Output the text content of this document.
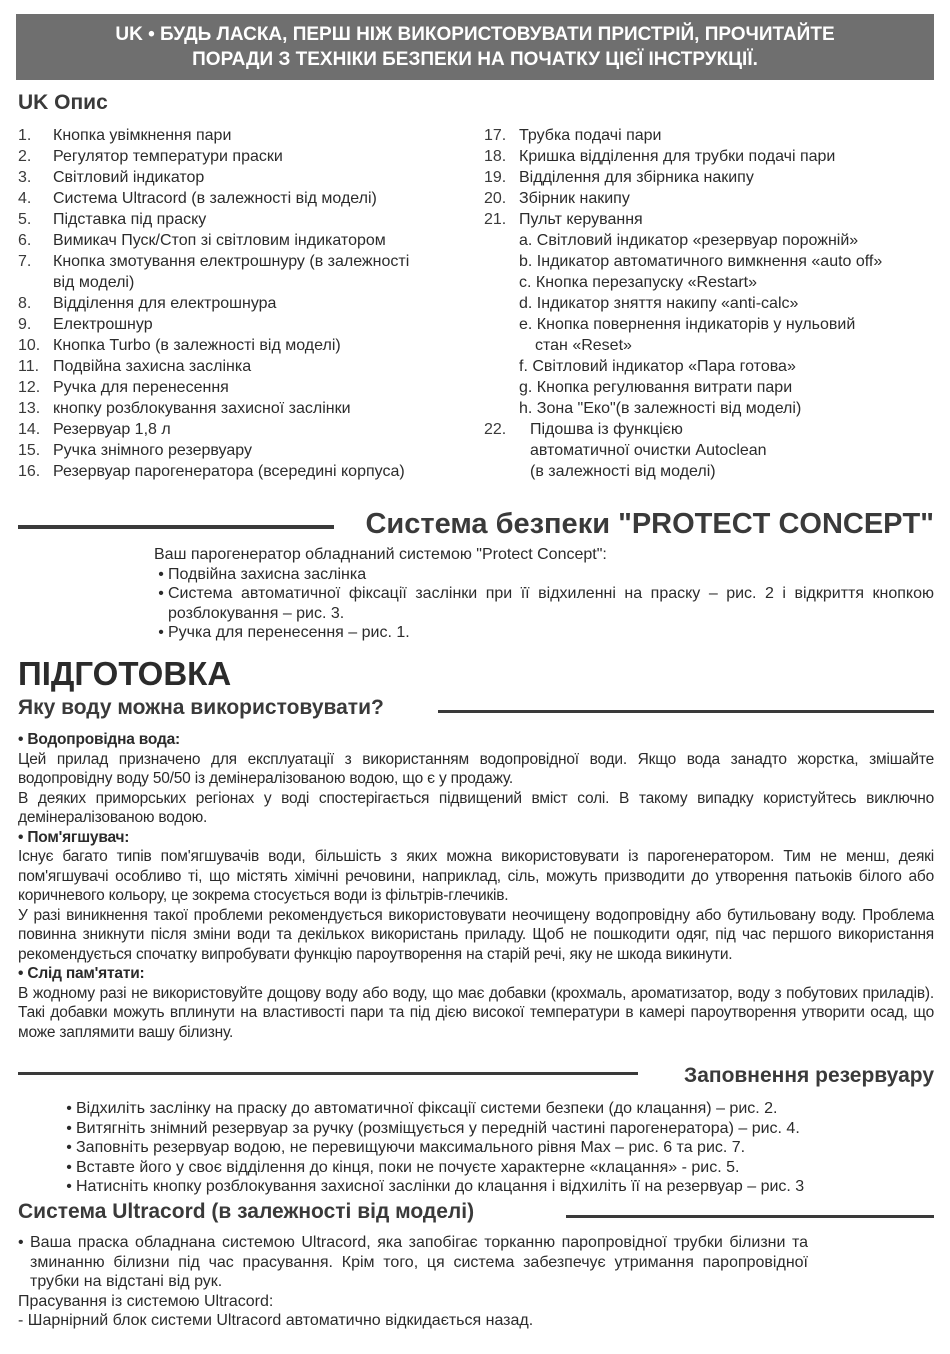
UK • БУДЬ ЛАСКА, ПЕРШ НІЖ ВИКОРИСТОВУВАТИ ПРИСТРІЙ, ПРОЧИТАЙТЕ
ПОРАДИ З ТЕХНІКИ БЕЗПЕКИ НА ПОЧАТКУ ЦІЄЇ ІНСТРУКЦІЇ.
UK Опис
1.	Кнопка увімкнення пари
2.	Регулятор температури праски
3.	Світловий індикатор
4.	Система Ultracord (в залежності від моделі)
5.	Підставка під праску
6.	Вимикач Пуск/Стоп зі світловим індикатором
7.	Кнопка змотування електрошнуру (в залежності
від моделі)
8.	Відділення для електрошнура
9.	Електрошнур
10. Кнопка Turbo (в залежності від моделі)
11. Подвійна захисна заслінка
12. Ручка для перенесення
13. кнопку розблокування захисної заслінки
14. Резервуар 1,8 л
15. Ручка знімного резервуару
16. Резервуар парогенератора (всередині корпуса)
17. Трубка подачі пари
18. Кришка відділення для трубки подачі пари
19. Відділення для збірника накипу
20. Збірник накипу
21. Пульт керування
a. Світловий індикатор «резервуар порожній»
b. Індикатор автоматичного вимкнення «auto off»
c. Кнопка перезапуску «Restart»
d. Індикатор зняття накипу «anti-calc»
e. Кнопка повернення індикаторів у нульовий
стан «Reset»
f. Світловий індикатор «Пара готова»
g. Кнопка регулювання витрати пари
h. Зона "Еко"(в залежності від моделі)
22.	Підошва із функцією
автоматичної очистки Autoclean
(в залежності від моделі)
Система безпеки "PROTECT CONCEPT"
Ваш парогенератор обладнаний системою "Protect Concept":
• Подвійна захисна заслінка
• Система автоматичної фіксації заслінки при її відхиленні на праску – рис. 2 і відкриття кнопкою розблокування – рис. 3.
• Ручка для перенесення – рис. 1.
ПІДГОТОВКА
Яку воду можна використовувати?
• Водопровідна вода:

Цей прилад призначено для експлуатації з використанням водопровідної води. Якщо вода занадто жорстка, змішайте водопровідну воду 50/50 із демінералізованою водою, що є у продажу.

В деяких приморських регіонах у воді спостерігається підвищений вміст солі. В такому випадку користуйтесь виключно демінералізованою водою.

• Пом'ягшувач:

Існує багато типів пом'ягшувачів води, більшість з яких можна використовувати із парогенератором. Тим не менш, деякі пом'ягшувачі особливо ті, що містять хімічні речовини, наприклад, сіль, можуть призводити до утворення патьоків білого або коричневого кольору, це зокрема стосується води із фільтрів-глечиків.

У разі виникнення такої проблеми рекомендується використовувати неочищену водопровідну або бутильовану воду. Проблема повинна зникнути після зміни води та декількох використань приладу. Щоб не пошкодити одяг, під час першого використання рекомендується спочатку випробувати функцію пароутворення на старій речі, яку не шкода викинути.

• Слід пам'ятати:

В жодному разі не використовуйте дощову воду або воду, що має добавки (крохмаль, ароматизатор, воду з побутових приладів). Такі добавки можуть вплинути на властивості пари та під дією високої температури в камері пароутворення утворити осад, що може заплямити вашу білизну.

Заповнення резервуару
• Відхиліть заслінку на праску до автоматичної фіксації системи безпеки (до клацання) – рис. 2.
• Витягніть знімний резервуар за ручку (розміщується у передній частині парогенератора) – рис. 4.
• Заповніть резервуар водою, не перевищуючи максимального рівня Max – рис. 6 та рис. 7.
• Вставте його у своє відділення до кінця, поки не почуєте характерне «клацання» - рис. 5.
• Натисніть кнопку розблокування захисної заслінки до клацання і відхиліть її на резервуар – рис. 3
Система Ultracord (в залежності від моделі)
• Ваша праска обладнана системою Ultracord, яка запобігає торканню паропровідної трубки білизни та зминанню білизни під час прасування. Крім того, ця система забезпечує утримання паропровідної трубки на відстані від рук.
Прасування із системою Ultracord:
- Шарнірний блок системи Ultracord автоматично відкидається назад.
